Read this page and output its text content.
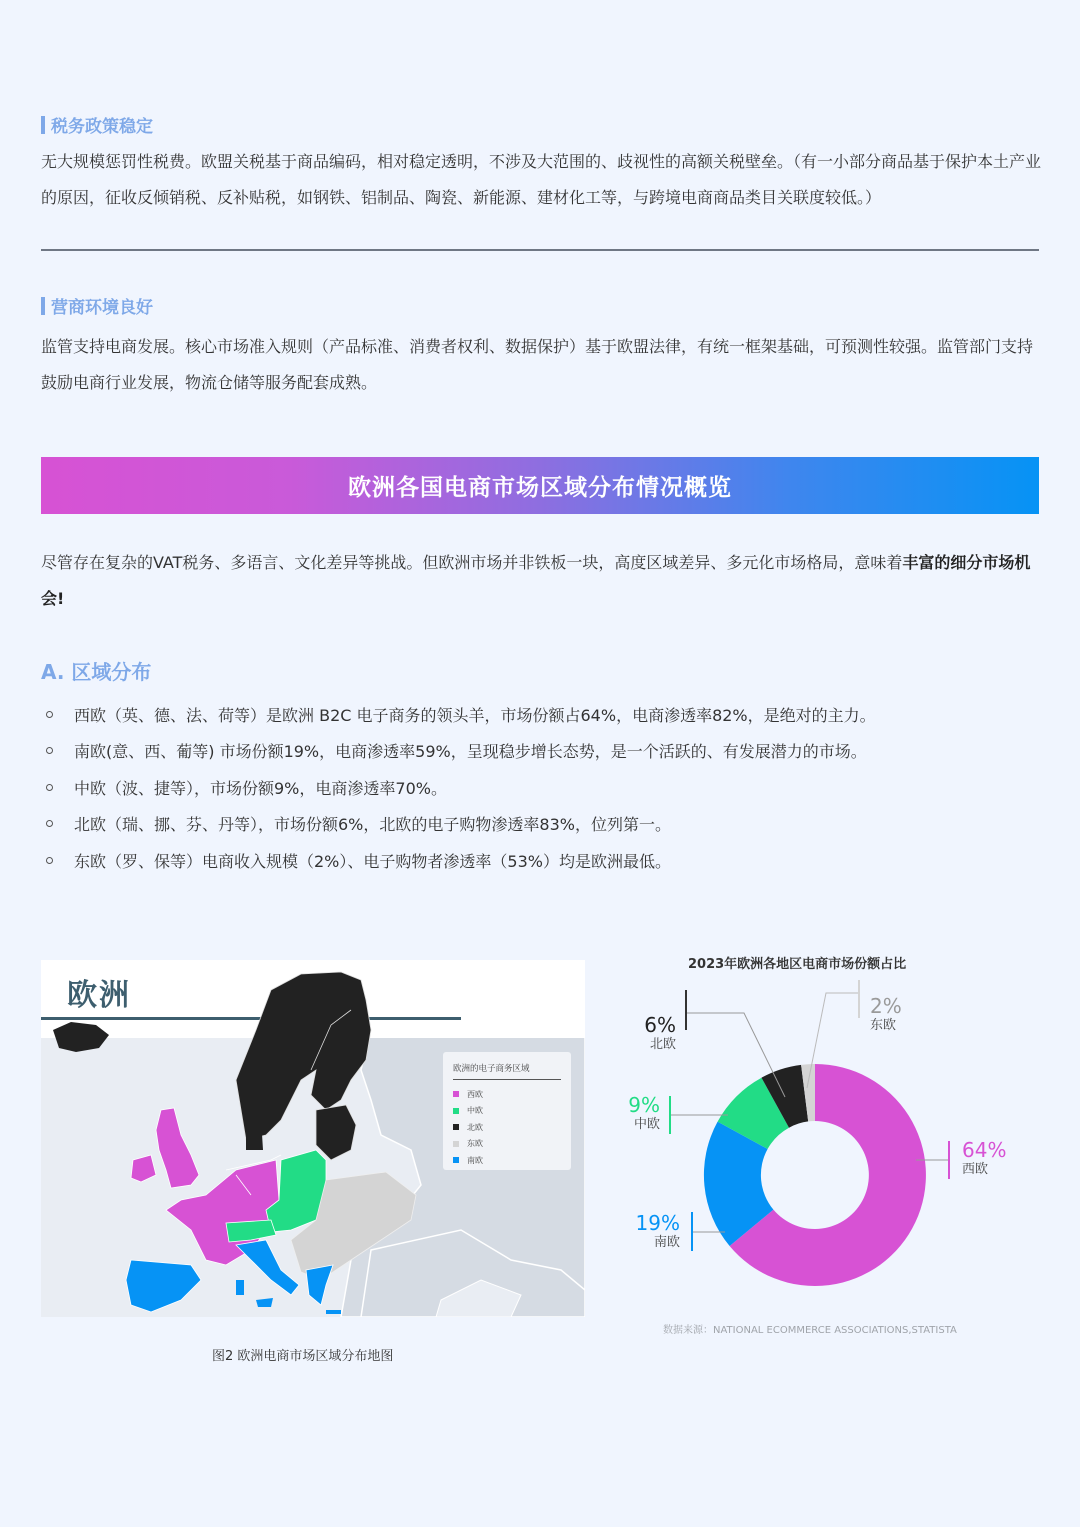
税务政策稳定

无大规模惩罚性税费。欧盟关税基于商品编码，相对稳定透明，不涉及大范围的、歧视性的高额关税壁垒。（有一小部分商品基于保护本土产业的原因，征收反倾销税、反补贴税，如钢铁、铝制品、陶瓷、新能源、建材化工等，与跨境电商商品类目关联度较低。）

营商环境良好

监管支持电商发展。核心市场准入规则（产品标准、消费者权利、数据保护）基于欧盟法律，有统一框架基础，可预测性较强。监管部门支持鼓励电商行业发展，物流仓储等服务配套成熟。

欧洲各国电商市场区域分布情况概览

尽管存在复杂的VAT税务、多语言、文化差异等挑战。但欧洲市场并非铁板一块，高度区域差异、多元化市场格局，意味着丰富的细分市场机会!

A. 区域分布
西欧（英、德、法、荷等）是欧洲 B2C 电子商务的领头羊，市场份额占64%，电商渗透率82%，是绝对的主力。
南欧(意、西、葡等) 市场份额19%，电商渗透率59%，呈现稳步增长态势，是一个活跃的、有发展潜力的市场。
中欧（波、捷等），市场份额9%，电商渗透率70%。
北欧（瑞、挪、芬、丹等），市场份额6%，北欧的电子购物渗透率83%，位列第一。
东欧（罗、保等）电商收入规模（2%）、电子购物者渗透率（53%）均是欧洲最低。
欧洲
欧洲的电子商务区域
西欧
中欧
北欧
东欧
南欧
图2 欧洲电商市场区域分布地图
2023年欧洲各地区电商市场份额占比
6%
北欧
2%
东欧
9%
中欧
19%
南欧
64%
西欧
数据来源：NATIONAL ECOMMERCE ASSOCIATIONS,STATISTA
